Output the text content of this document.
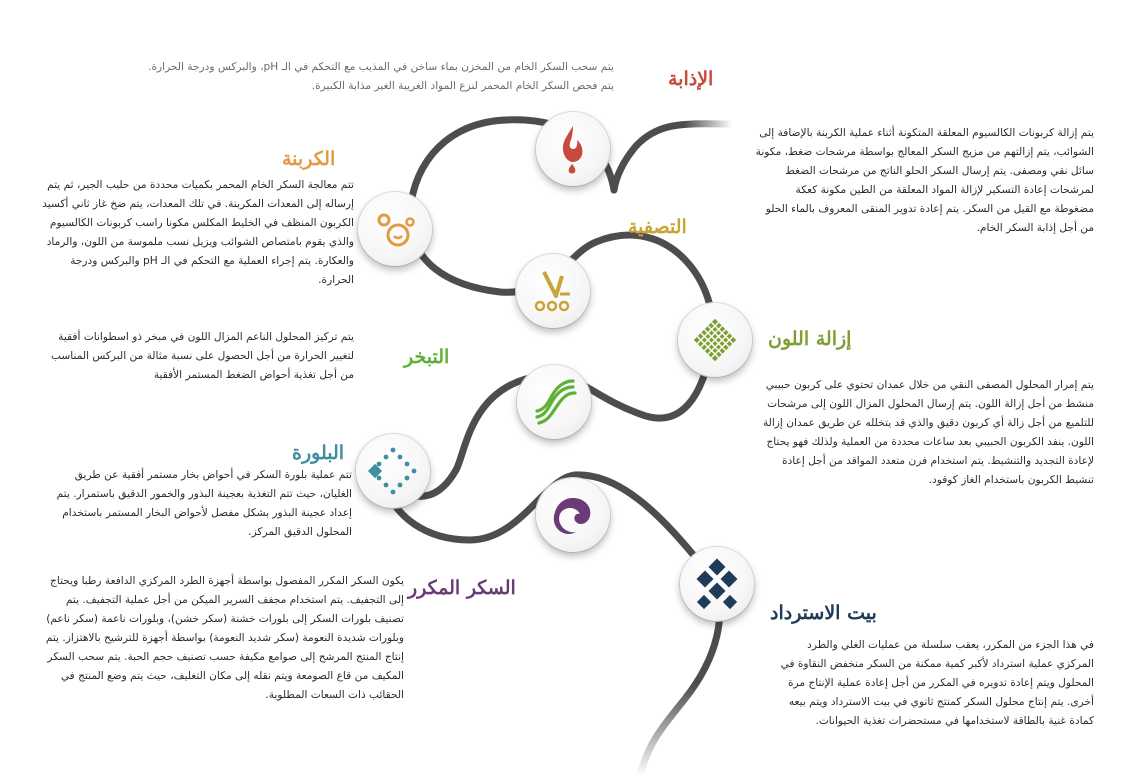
الإذابة
الكربنة
التصفية
إزالة اللون
التبخر
البلورة
السكر المكرر
بيت الاسترداد
يتم سحب السكر الخام من المخزن بماء ساخن في المذيب مع التحكم في الـ pH، والبركس ودرجة الحرارة. يتم فحص السكر الخام المحمر لنزع المواد الغريبة الغير مذابة الكبيرة.
تتم معالجة السكر الخام المحمر بكميات محددة من حليب الجير، ثم يتم إرساله إلى المعدات المكربنة. في تلك المعدات، يتم ضخ غاز ثاني أكسيد الكربون المنظف في الخليط المكلس مكونا راسب كربونات الكالسيوم والذي يقوم بامتصاص الشوائب ويزيل نسب ملموسة من اللون، والرماد والعكارة. يتم إجراء العملية مع التحكم في الـ pH والبركس ودرجة الحرارة.
يتم إزالة كربونات الكالسيوم المعلقة المتكونة أثناء عملية الكربنة بالإضافة إلى الشوائب، يتم إزالتهم من مزيج السكر المعالج بواسطة مرشحات ضغط، مكونة سائل نقي ومصفى. يتم إرسال السكر الحلو الناتج من مرشحات الضغط لمرشحات إعادة التسكير لإزالة المواد المعلقة من الطين مكونة كعكة مضغوطة مع القيل من السكر. يتم إعادة تدوير المنقى المعروف بالماء الحلو من أجل إذابة السكر الخام.
يتم إمرار المحلول المصفى النقي من خلال عمدان تحتوي على كربون حبيبي منشط من أجل إزالة اللون. يتم إرسال المحلول المزال اللون إلى مرشحات للتلميع من أجل زالة أي كربون دقيق والذي قد يتخلله عن طريق عمدان إزالة اللون. ينفد الكربون الحبيبي بعد ساعات محددة من العملية ولذلك فهو يحتاج لإعادة التجديد والتنشيط. يتم استخدام فرن متعدد المواقد من أجل إعادة تنشيط الكربون باستخدام الغاز كوقود.
يتم تركيز المحلول الناعم المزال اللون في مبخر ذو اسطوانات أفقية لتغيير الحرارة من أجل الحصول على نسبة مثالة من البركس المناسب من أجل تغذية أحواض الضغط المستمر الأفقية
تتم عملية بلورة السكر في أحواض بخار مستمر أفقية عن طريق الغليان، حيث تتم التغذية بعجينة البذور والخمور الدقيق باستمرار. يتم إعداد عجينة البذور بشكل مفصل لأحواض البخار المستمر باستخدام المحلول الدقيق المركز.
يكون السكر المكرر المفصول بواسطة أجهزة الطرد المركزي الدافعة رطبا ويحتاج إلى التجفيف. يتم استخدام مجفف السرير الميكن من أجل عملية التجفيف. يتم تصنيف بلورات السكر إلى بلورات خشنة (سكر خشن)، وبلورات ناعمة (سكر ناعم) وبلورات شديدة النعومة (سكر شديد النعومة) بواسطة أجهزة للترشيح بالاهتزاز. يتم إنتاج المنتج المرشح إلى صوامع مكيفة حسب تصنيف حجم الحبة. يتم سحب السكر المكيف من قاع الصومعة ويتم نقله إلى مكان التغليف، حيث يتم وضع المنتج في الحقائب ذات السعات المطلوبة.
في هذا الجزء من المكرر، يعقب سلسلة من عمليات الغلي والطرد المركزي عملية استرداد لأكبر كمية ممكنة من السكر منخفض النقاوة في المحلول ويتم إعادة تدويره في المكرر من أجل إعادة عملية الإنتاج مرة أخرى. يتم إنتاج محلول السكر كمنتج ثانوي في بيت الاسترداد ويتم بيعه كمادة غنية بالطاقة لاستخدامها في مستحضرات تغذية الحيوانات.
